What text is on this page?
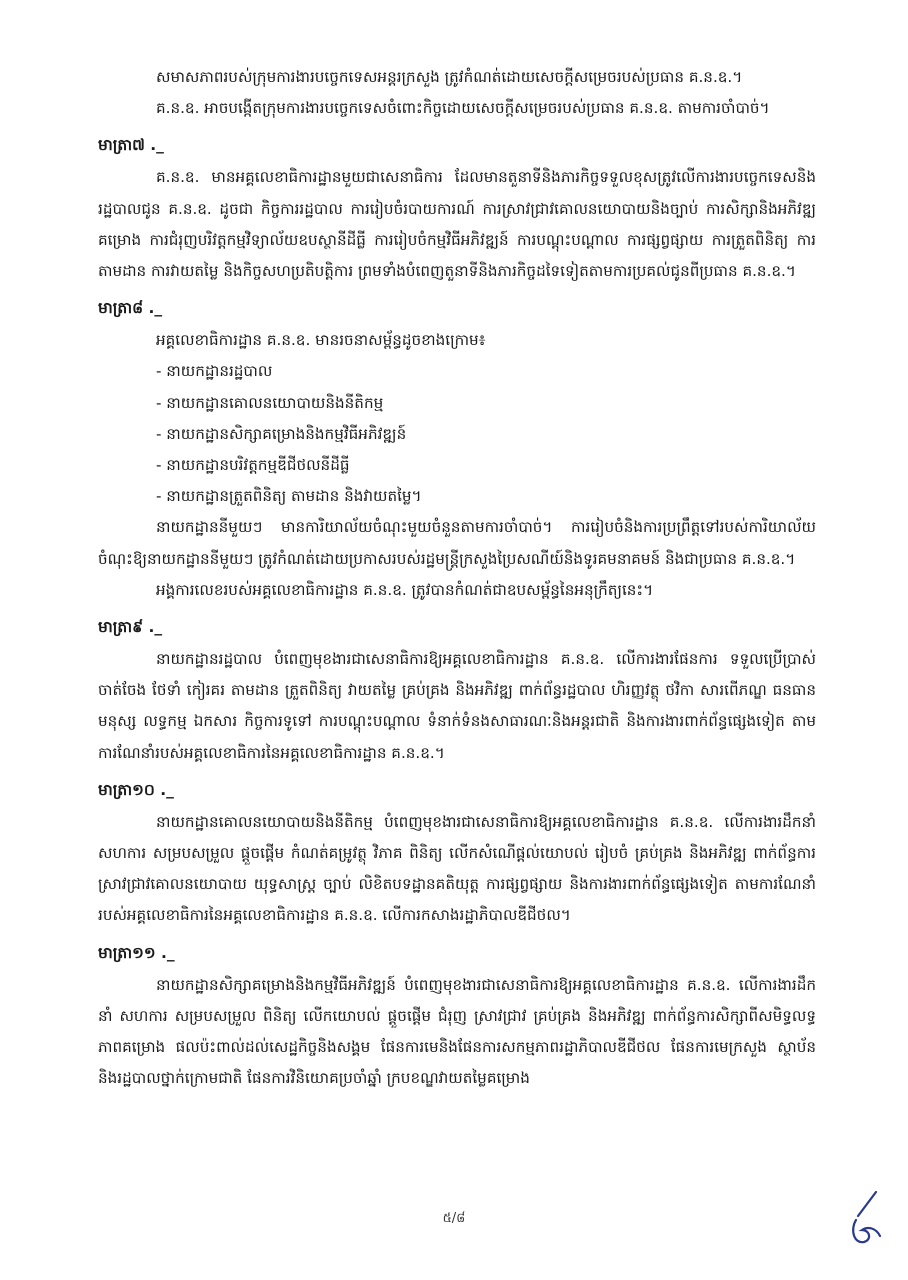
សមាសភាពរបស់ក្រុមការងារបច្ចេកទេសអន្តរក្រសួង ត្រូវកំណត់ដោយសេចក្តីសម្រេចរបស់ប្រធាន គ.ន.ឧ.។

គ.ន.ឧ. អាចបង្កើតក្រុមការងារបច្ចេកទេសចំពោះកិច្ចដោយសេចក្តីសម្រេចរបស់ប្រធាន គ.ន.ឧ. តាមការចាំបាច់។

មាត្រា៧ ._

គ.ន.ឧ. មានអគ្គលេខាធិការដ្ឋានមួយជាសេនាធិការ ដែលមានតួនាទីនិងភារកិច្ចទទួលខុសត្រូវលើការងារបច្ចេកទេសនិងរដ្ឋបាលជូន គ.ន.ឧ. ដូចជា កិច្ចការរដ្ឋបាល ការរៀបចំរបាយការណ៍ ការស្រាវជ្រាវគោលនយោបាយនិងច្បាប់ ការសិក្សានិងអភិវឌ្ឍគម្រោង ការជំរុញបរិវត្តកម្មវិទ្យាល័យឧបស្ថានីដីធ្លី ការរៀបចំកម្មវិធីអភិវឌ្ឍន៍ ការបណ្តុះបណ្តាល ការផ្សព្វផ្សាយ ការត្រួតពិនិត្យ ការតាមដាន ការវាយតម្លៃ និងកិច្ចសហប្រតិបត្តិការ ព្រមទាំងបំពេញតួនាទីនិងភារកិច្ចដទៃទៀតតាមការប្រគល់ជូនពីប្រធាន គ.ន.ឧ.។

មាត្រា៨ ._

អគ្គលេខាធិការដ្ឋាន គ.ន.ឧ. មានរចនាសម្ព័ន្ធដូចខាងក្រោម៖

- នាយកដ្ឋានរដ្ឋបាល
- នាយកដ្ឋានគោលនយោបាយនិងនីតិកម្ម
- នាយកដ្ឋានសិក្សាគម្រោងនិងកម្មវិធីអភិវឌ្ឍន៍
- នាយកដ្ឋានបរិវត្តកម្មឌីជីថលនីដីធ្លី
- នាយកដ្ឋានត្រួតពិនិត្យ តាមដាន និងវាយតម្លៃ។

នាយកដ្ឋាននីមួយៗ មានការិយាល័យចំណុះមួយចំនួនតាមការចាំបាច់។ ការរៀបចំនិងការប្រព្រឹត្តទៅរបស់ការិយាល័យចំណុះឱ្យនាយកដ្ឋាននីមួយៗ ត្រូវកំណត់ដោយប្រកាសរបស់រដ្ឋមន្ត្រីក្រសួងប្រៃសណីយ៍និងទូរគមនាគមន៍ និងជាប្រធាន គ.ន.ឧ.។

អង្គការលេខរបស់អគ្គលេខាធិការដ្ឋាន គ.ន.ឧ. ត្រូវបានកំណត់ជាឧបសម្ព័ន្ធនៃអនុក្រឹត្យនេះ។

មាត្រា៩ ._

នាយកដ្ឋានរដ្ឋបាល បំពេញមុខងារជាសេនាធិការឱ្យអគ្គលេខាធិការដ្ឋាន គ.ន.ឧ. លើការងារផែនការ ទទួលប្រើប្រាស់ ចាត់ចែង ថែទាំ កៀរគរ តាមដាន ត្រួតពិនិត្យ វាយតម្លៃ គ្រប់គ្រង និងអភិវឌ្ឍ ពាក់ព័ន្ធរដ្ឋបាល ហិរញ្ញវត្ថុ ថវិកា សារពើភណ្ឌ ធនធានមនុស្ស លទ្ធកម្ម ឯកសារ កិច្ចការទូទៅ ការបណ្តុះបណ្តាល ទំនាក់ទំនងសាធារណៈនិងអន្តរជាតិ និងការងារពាក់ព័ន្ធផ្សេងទៀត តាមការណែនាំរបស់អគ្គលេខាធិការនៃអគ្គលេខាធិការដ្ឋាន គ.ន.ឧ.។

មាត្រា១០ ._

នាយកដ្ឋានគោលនយោបាយនិងនីតិកម្ម បំពេញមុខងារជាសេនាធិការឱ្យអគ្គលេខាធិការដ្ឋាន គ.ន.ឧ. លើការងារដឹកនាំ សហការ សម្របសម្រួល ផ្តួចផ្តើម កំណត់គម្រូវត្ថុ វិភាគ ពិនិត្យ លើកសំណើផ្តល់យោបល់ រៀបចំ គ្រប់គ្រង និងអភិវឌ្ឍ ពាក់ព័ន្ធការស្រាវជ្រាវគោលនយោបាយ យុទ្ធសាស្ត្រ ច្បាប់ លិខិតបទដ្ឋានគតិយុត្ត ការផ្សព្វផ្សាយ និងការងារពាក់ព័ន្ធផ្សេងទៀត តាមការណែនាំរបស់អគ្គលេខាធិការនៃអគ្គលេខាធិការដ្ឋាន គ.ន.ឧ. លើការកសាងរដ្ឋាភិបាលឌីជីថល។

មាត្រា១១ ._

នាយកដ្ឋានសិក្សាគម្រោងនិងកម្មវិធីអភិវឌ្ឍន៍ បំពេញមុខងារជាសេនាធិការឱ្យអគ្គលេខាធិការដ្ឋាន គ.ន.ឧ. លើការងារដឹកនាំ សហការ សម្របសម្រួល ពិនិត្យ លើកយោបល់ ផ្តួចផ្តើម ជំរុញ ស្រាវជ្រាវ គ្រប់គ្រង និងអភិវឌ្ឍ ពាក់ព័ន្ធការសិក្សាពីសមិទ្ធលទ្ធភាពគម្រោង ផលប៉ះពាល់ដល់សេដ្ឋកិច្ចនិងសង្គម ផែនការមេនិងផែនការសកម្មភាពរដ្ឋាភិបាលឌីជីថល ផែនការមេក្រសួង ស្ថាប័ន និងរដ្ឋបាលថ្នាក់ក្រោមជាតិ ផែនការវិនិយោគប្រចាំឆ្នាំ ក្របខណ្ឌវាយតម្លៃគម្រោង

៥/៨
